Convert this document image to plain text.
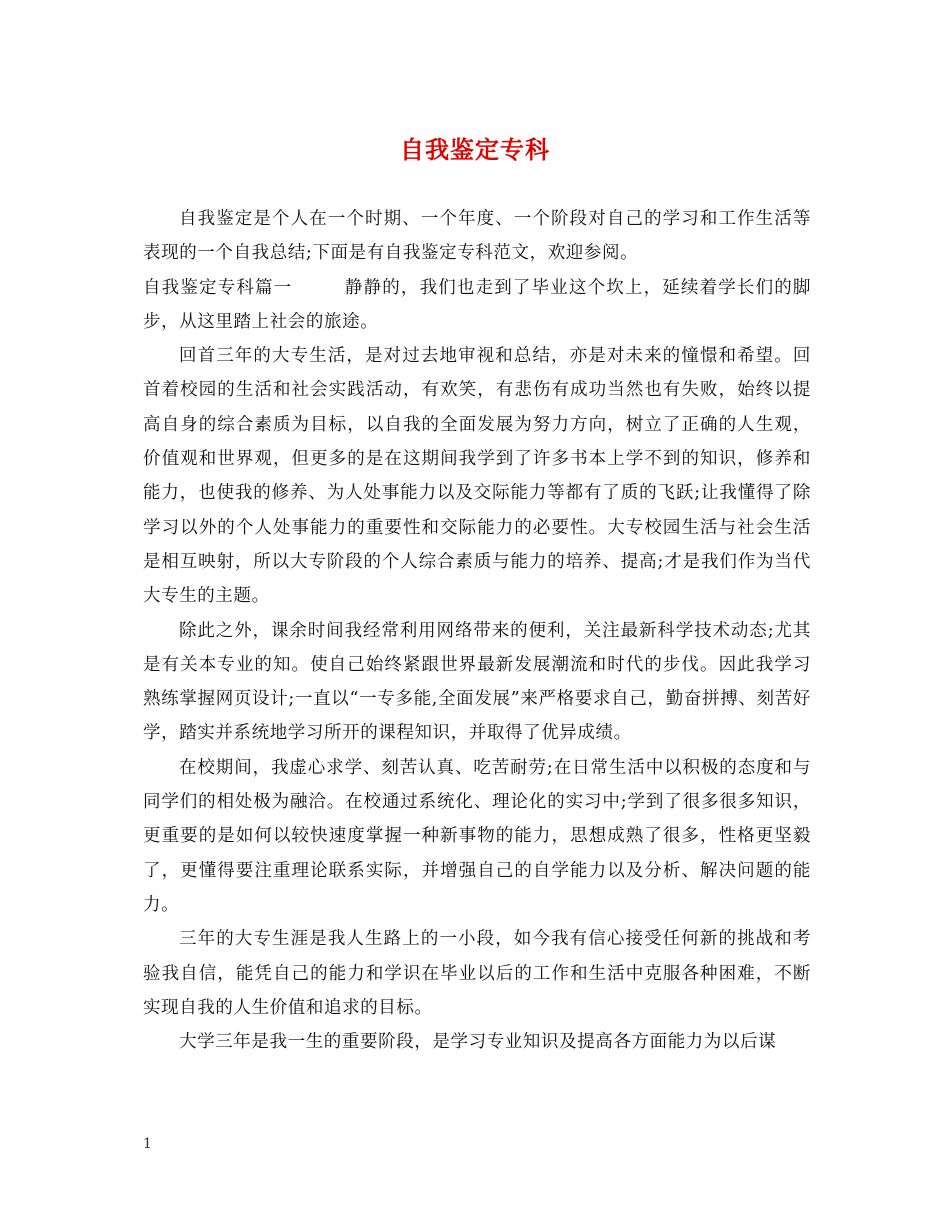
自我鉴定专科

自我鉴定是个人在一个时期、一个年度、一个阶段对自己的学习和工作生活等表现的一个自我总结;下面是有自我鉴定专科范文，欢迎参阅。

自我鉴定专科篇一	静静的，我们也走到了毕业这个坎上，延续着学长们的脚步，从这里踏上社会的旅途。

回首三年的大专生活，是对过去地审视和总结，亦是对未来的憧憬和希望。回首着校园的生活和社会实践活动，有欢笑，有悲伤有成功当然也有失败，始终以提高自身的综合素质为目标，以自我的全面发展为努力方向，树立了正确的人生观，价值观和世界观，但更多的是在这期间我学到了许多书本上学不到的知识，修养和能力，也使我的修养、为人处事能力以及交际能力等都有了质的飞跃;让我懂得了除学习以外的个人处事能力的重要性和交际能力的必要性。大专校园生活与社会生活是相互映射，所以大专阶段的个人综合素质与能力的培养、提高;才是我们作为当代大专生的主题。

除此之外，课余时间我经常利用网络带来的便利，关注最新科学技术动态;尤其是有关本专业的知。使自己始终紧跟世界最新发展潮流和时代的步伐。因此我学习熟练掌握网页设计;一直以“一专多能,全面发展”来严格要求自己，勤奋拼搏、刻苦好学，踏实并系统地学习所开的课程知识，并取得了优异成绩。

在校期间，我虚心求学、刻苦认真、吃苦耐劳;在日常生活中以积极的态度和与同学们的相处极为融洽。在校通过系统化、理论化的实习中;学到了很多很多知识，更重要的是如何以较快速度掌握一种新事物的能力，思想成熟了很多，性格更坚毅了，更懂得要注重理论联系实际，并增强自己的自学能力以及分析、解决问题的能力。

三年的大专生涯是我人生路上的一小段，如今我有信心接受任何新的挑战和考验我自信，能凭自己的能力和学识在毕业以后的工作和生活中克服各种困难，不断实现自我的人生价值和追求的目标。

大学三年是我一生的重要阶段，是学习专业知识及提高各方面能力为以后谋

1
